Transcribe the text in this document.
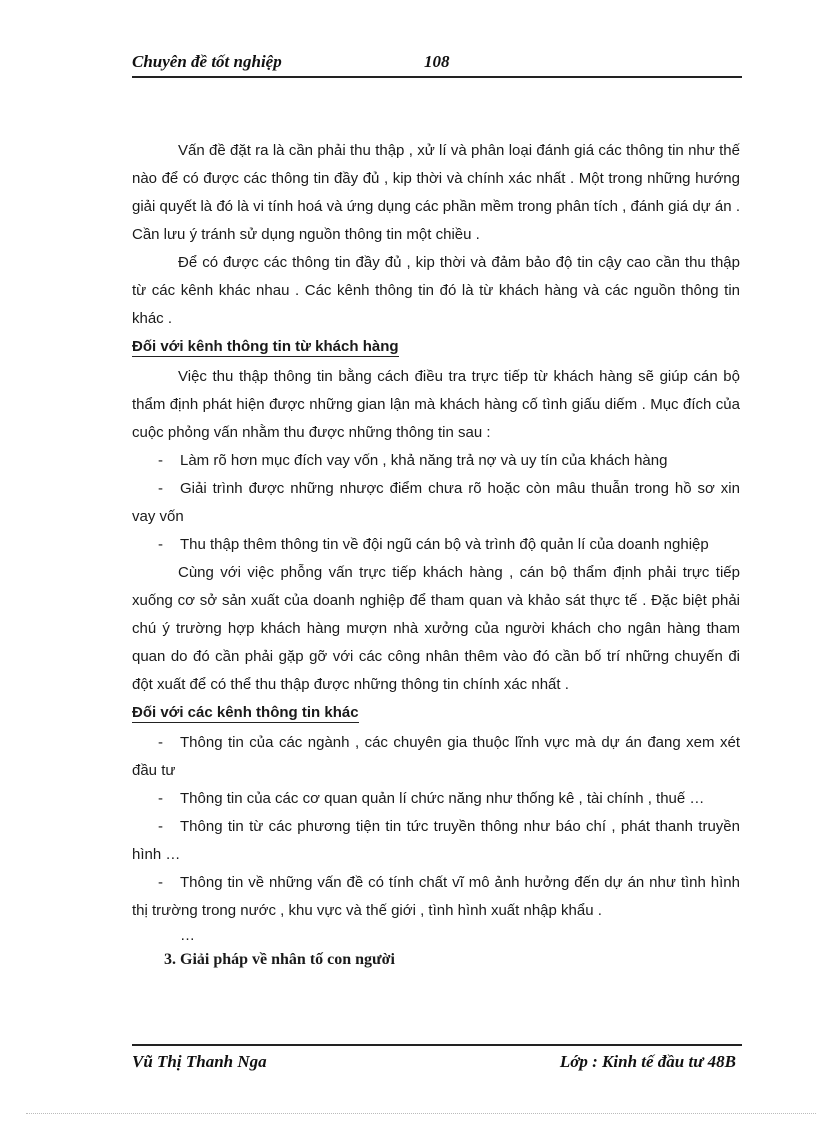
Chuyên đề tốt nghiệp	108

Vấn đề đặt ra là cần phải thu thập , xử lí và phân loại đánh giá các thông tin như thế nào để có được các thông tin đầy đủ , kip thời và chính xác nhất . Một trong những hướng giải quyết là đó là vi tính hoá và ứng dụng các phần mềm trong phân tích , đánh giá dự án . Cần lưu ý tránh sử dụng nguồn thông tin một chiều .

Để có được các thông tin đầy đủ , kip thời và đảm bảo độ tin cậy cao cần thu thập từ các kênh khác nhau . Các kênh thông tin đó là từ khách hàng và các nguồn thông tin khác .

Đối với kênh thông tin từ khách hàng

Việc thu thập thông tin bằng cách điều tra trực tiếp từ khách hàng sẽ giúp cán bộ thẩm định phát hiện được những gian lận mà khách hàng cố tình giấu diếm . Mục đích của cuộc phỏng vấn nhằm thu được những thông tin sau :

-	Làm rõ hơn mục đích vay vốn , khả năng trả nợ và uy tín của khách hàng
- Giải trình được những nhược điểm chưa rõ hoặc còn mâu thuẫn trong hồ sơ xin vay vốn
-	Thu thập thêm thông tin về đội ngũ cán bộ và trình độ quản lí của doanh nghiệp

Cùng với việc phỗng vấn trực tiếp khách hàng , cán bộ thẩm định phải trực tiếp xuống cơ sở sản xuất của doanh nghiệp để tham quan và khảo sát thực tế . Đặc biệt phải chú ý trường hợp khách hàng mượn nhà xưởng của người khách cho ngân hàng tham quan do đó cần phải gặp gỡ với các công nhân thêm vào đó cần bố trí những chuyến đi đột xuất để có thể thu thập được những thông tin chính xác nhất .

Đối với các kênh thông tin khác

- Thông tin của các ngành , các chuyên gia thuộc lĩnh vực mà dự án đang xem xét đầu tư
-	Thông tin của các cơ quan quản lí chức năng như thống kê , tài chính , thuế …
- Thông tin từ các phương tiện tin tức truyền thông như báo chí , phát thanh truyền hình …
- Thông tin về những vấn đề có tính chất vĩ mô ảnh hưởng đến dự án như tình hình thị trường trong nước , khu vực và thế giới , tình hình xuất nhập khẩu .

…

3. Giải pháp về nhân tố con người

Vũ Thị Thanh Nga	Lớp : Kinh tế đầu tư 48B
